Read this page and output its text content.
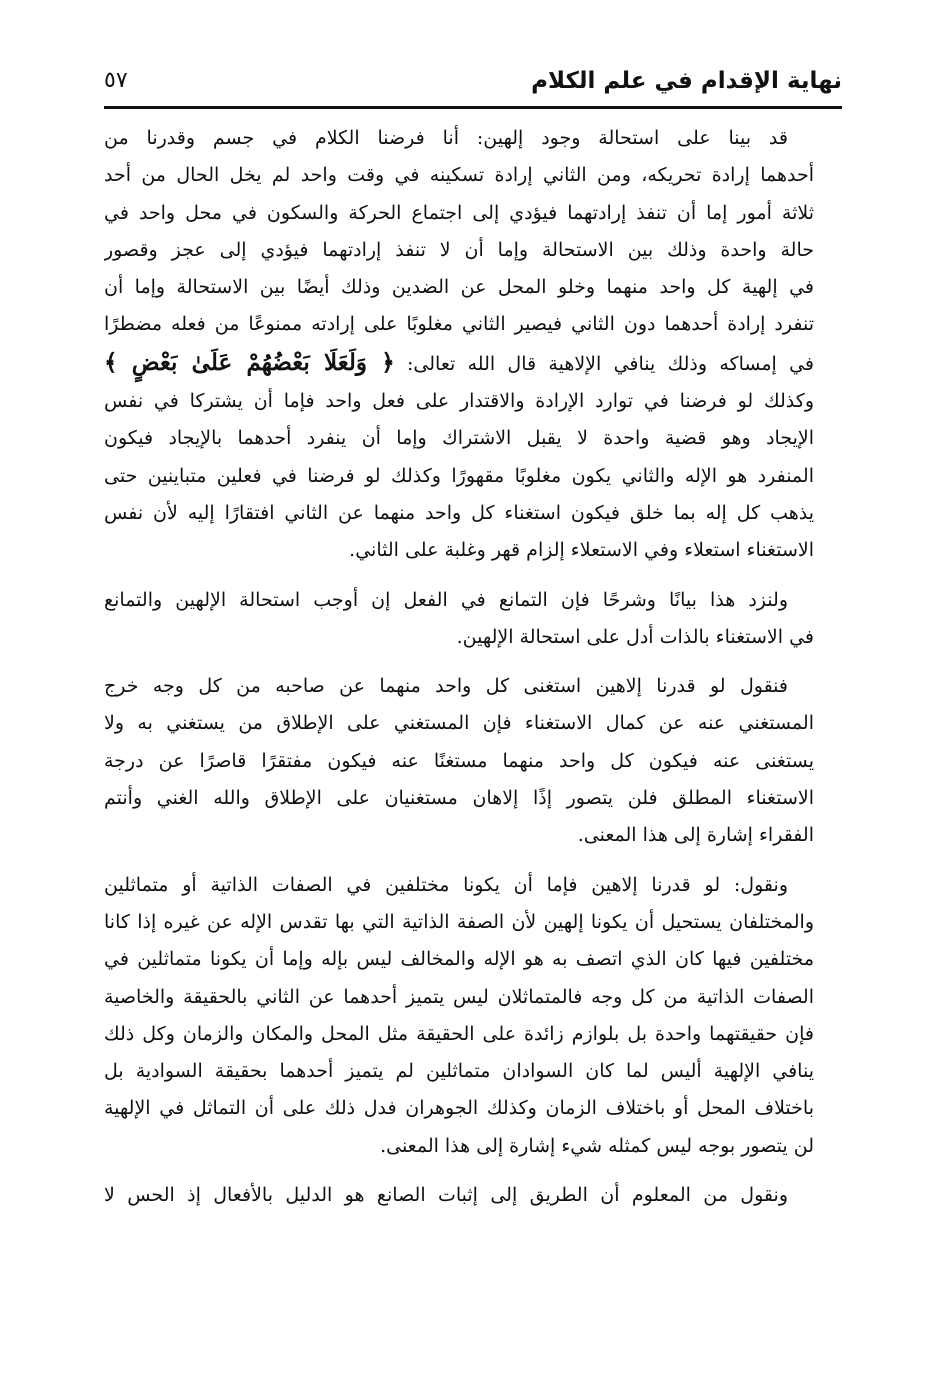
نهاية الإقدام في علم الكلام
٥٧
قد بينا على استحالة وجود إلهين: أنا فرضنا الكلام في جسم وقدرنا من
أحدهما إرادة تحريكه، ومن الثاني إرادة تسكينه في وقت واحد لم يخل الحال من أحد
ثلاثة أمور إما أن تنفذ إرادتهما فيؤدي إلى اجتماع الحركة والسكون في محل واحد في
حالة واحدة وذلك بين الاستحالة وإما أن لا تنفذ إرادتهما فيؤدي إلى عجز وقصور
في إلهية كل واحد منهما وخلو المحل عن الضدين وذلك أيضًا بين الاستحالة وإما أن
تنفرد إرادة أحدهما دون الثاني فيصير الثاني مغلوبًا على إرادته ممنوعًا من فعله مضطرًا
في إمساكه وذلك ينافي الإلاهية قال الله تعالى: ﴿ وَلَعَلَا بَعْضُهُمْ عَلَىٰ بَعْضٍ ﴾
وكذلك لو فرضنا في توارد الإرادة والاقتدار على فعل واحد فإما أن يشتركا في نفس
الإيجاد وهو قضية واحدة لا يقبل الاشتراك وإما أن ينفرد أحدهما بالإيجاد فيكون
المنفرد هو الإله والثاني يكون مغلوبًا مقهورًا وكذلك لو فرضنا في فعلين متباينين حتى
يذهب كل إله بما خلق فيكون استغناء كل واحد منهما عن الثاني افتقارًا إليه لأن نفس
الاستغناء استعلاء وفي الاستعلاء إلزام قهر وغلبة على الثاني.
ولنزد هذا بيانًا وشرحًا فإن التمانع في الفعل إن أوجب استحالة الإلهين والتمانع
في الاستغناء بالذات أدل على استحالة الإلهين.
فنقول لو قدرنا إلاهين استغنى كل واحد منهما عن صاحبه من كل وجه خرج
المستغني عنه عن كمال الاستغناء فإن المستغني على الإطلاق من يستغني به ولا
يستغنى عنه فيكون كل واحد منهما مستغنًا عنه فيكون مفتقرًا قاصرًا عن درجة
الاستغناء المطلق فلن يتصور إذًا إلاهان مستغنيان على الإطلاق والله الغني وأنتم
الفقراء إشارة إلى هذا المعنى.
ونقول: لو قدرنا إلاهين فإما أن يكونا مختلفين في الصفات الذاتية أو متماثلين
والمختلفان يستحيل أن يكونا إلهين لأن الصفة الذاتية التي بها تقدس الإله عن غيره إذا كانا
مختلفين فيها كان الذي اتصف به هو الإله والمخالف ليس بإله وإما أن يكونا متماثلين في
الصفات الذاتية من كل وجه فالمتماثلان ليس يتميز أحدهما عن الثاني بالحقيقة والخاصية
فإن حقيقتهما واحدة بل بلوازم زائدة على الحقيقة مثل المحل والمكان والزمان وكل ذلك
ينافي الإلهية أليس لما كان السوادان متماثلين لم يتميز أحدهما بحقيقة السوادية بل
باختلاف المحل أو باختلاف الزمان وكذلك الجوهران فدل ذلك على أن التماثل في الإلهية
لن يتصور بوجه ليس كمثله شيء إشارة إلى هذا المعنى.
ونقول من المعلوم أن الطريق إلى إثبات الصانع هو الدليل بالأفعال إذ الحس لا
